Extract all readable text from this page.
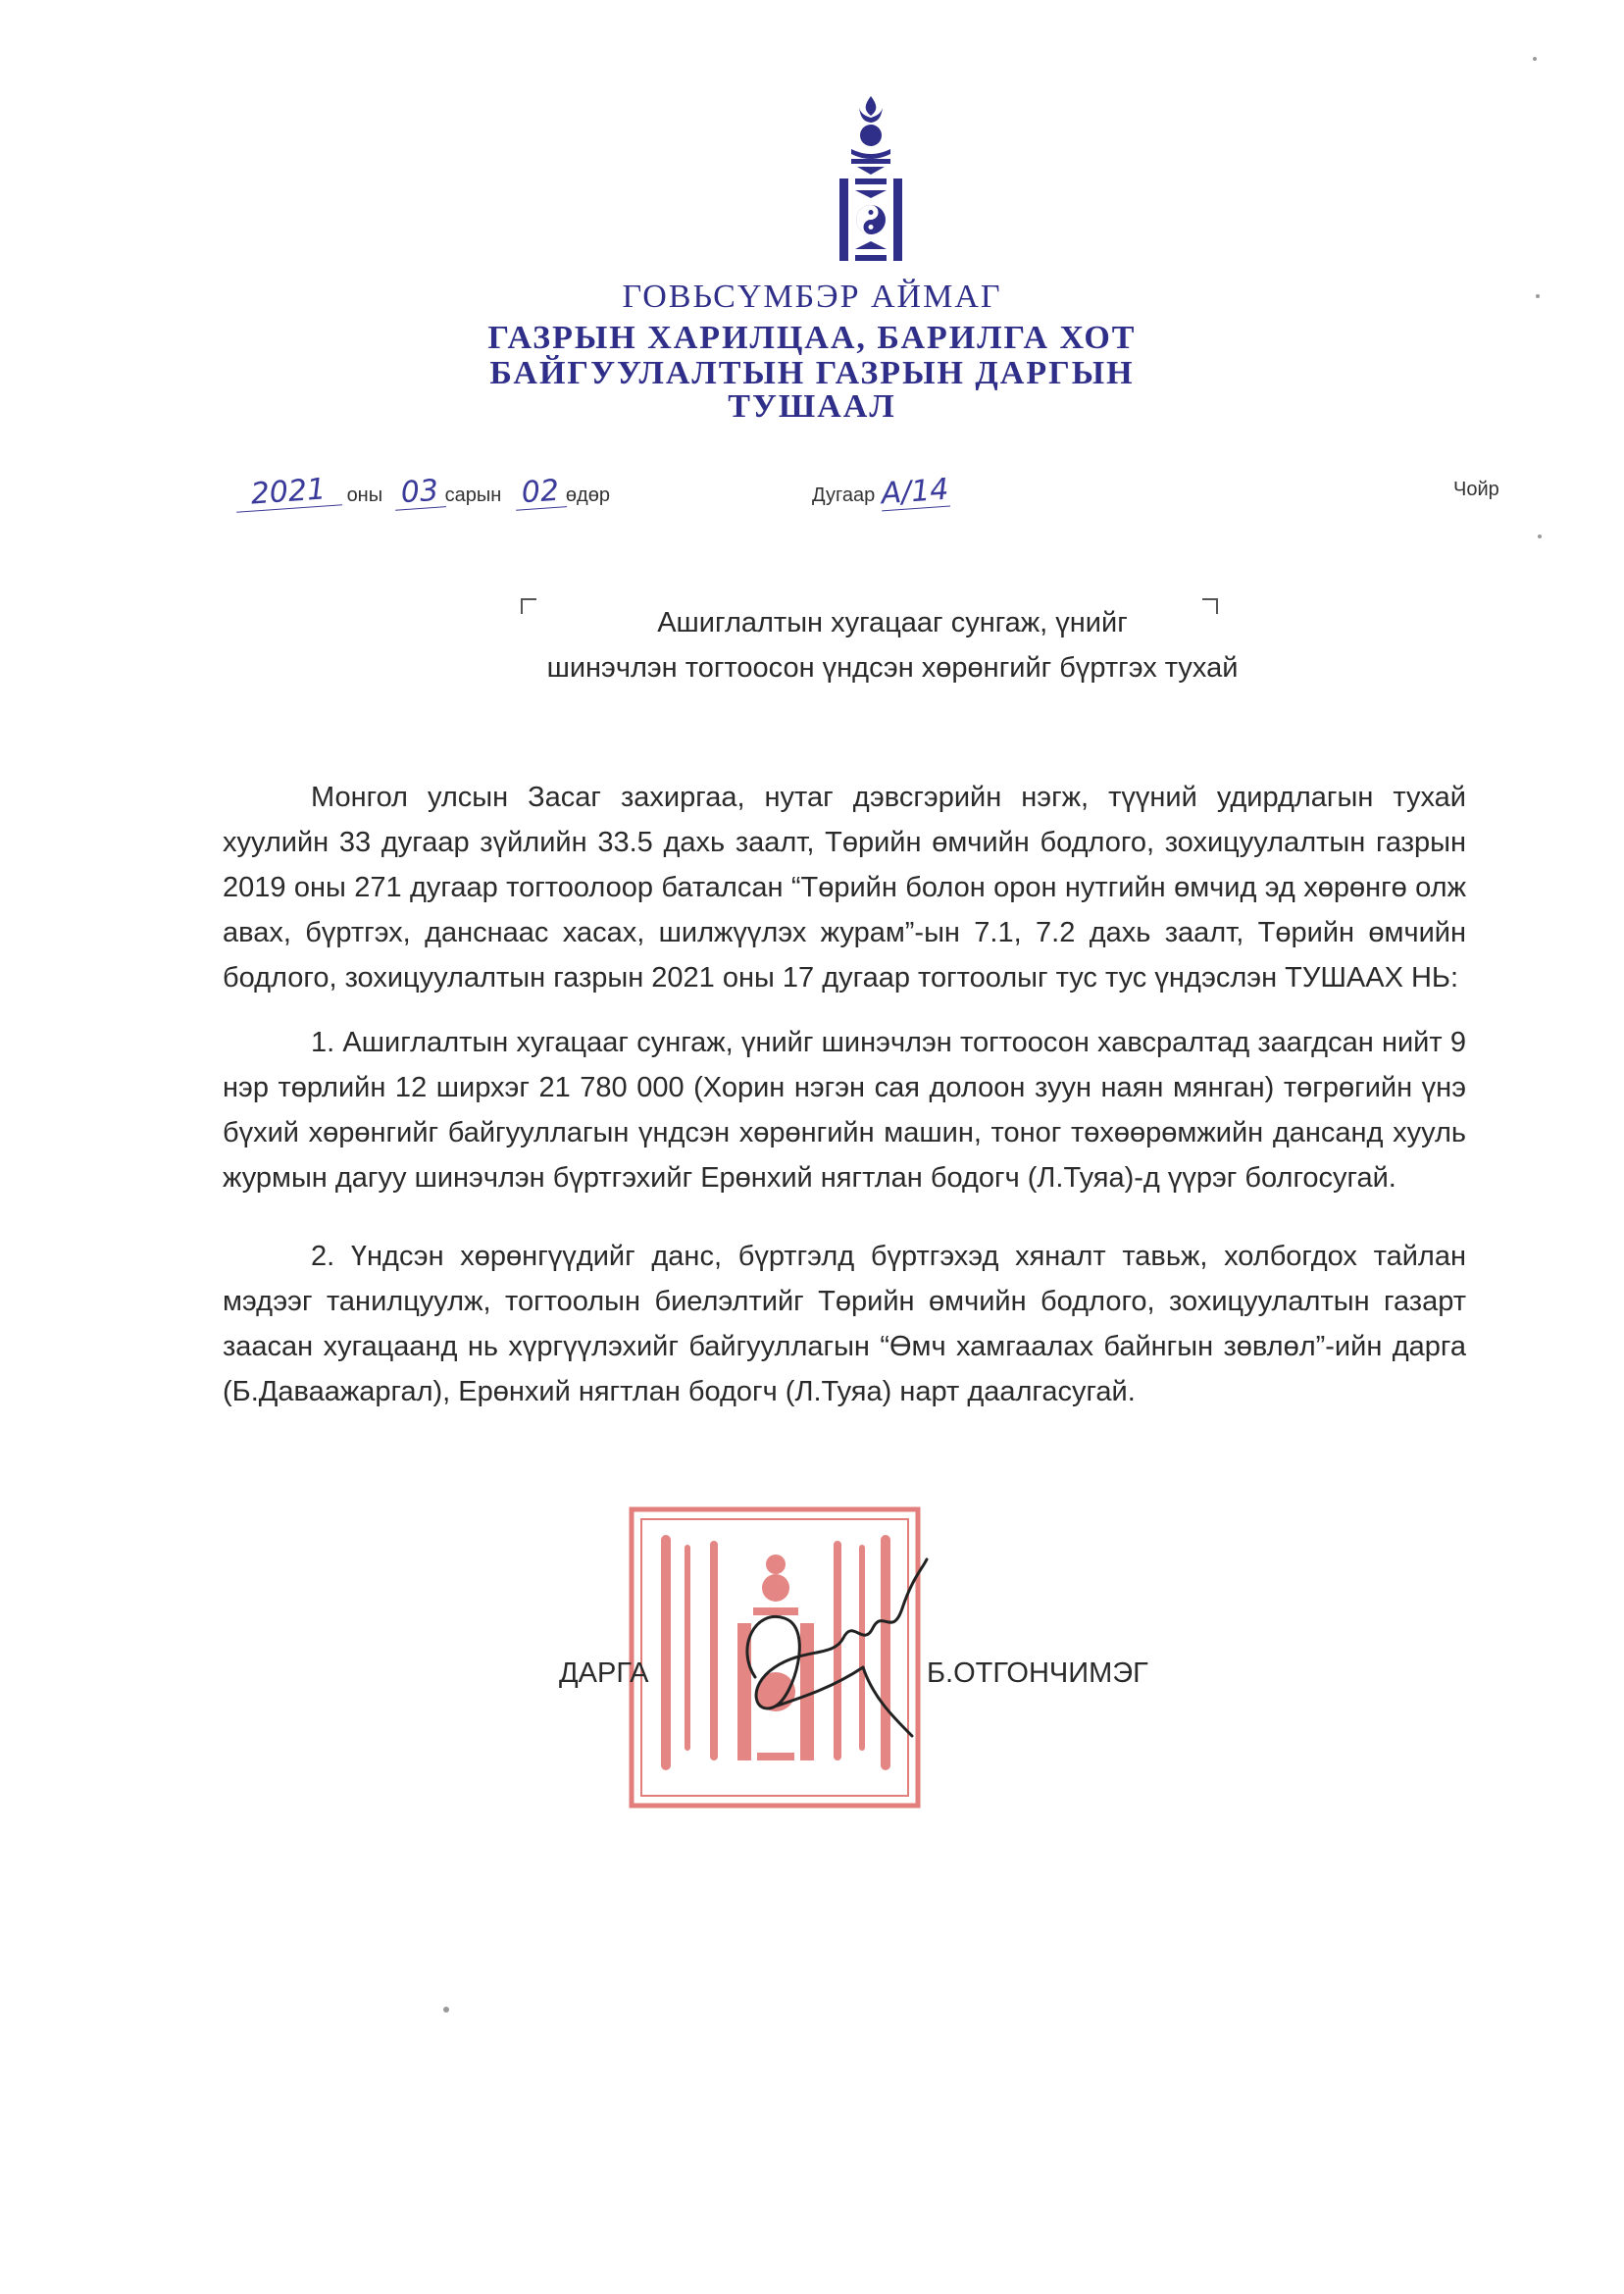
ГОВЬСҮМБЭР АЙМАГ
ГАЗРЫН ХАРИЛЦАА, БАРИЛГА ХОТ
БАЙГУУЛАЛТЫН ГАЗРЫН ДАРГЫН
ТУШААЛ
2021 оны 03 сарын 02 өдөр	Дугаар А/14	Чойр

Ашиглалтын хугацааг сунгаж, үнийг

шинэчлэн тогтоосон үндсэн хөрөнгийг бүртгэх тухай

Монгол улсын Засаг захиргаа, нутаг дэвсгэрийн нэгж, түүний удирдлагын тухай хуулийн 33 дугаар зүйлийн 33.5 дахь заалт, Төрийн өмчийн бодлого, зохицуулалтын газрын 2019 оны 271 дугаар тогтоолоор баталсан “Төрийн болон орон нутгийн өмчид эд хөрөнгө олж авах, бүртгэх, данснаас хасах, шилжүүлэх журам”-ын 7.1, 7.2 дахь заалт, Төрийн өмчийн бодлого, зохицуулалтын газрын 2021 оны 17 дугаар тогтоолыг тус тус үндэслэн ТУШААХ НЬ:

1. Ашиглалтын хугацааг сунгаж, үнийг шинэчлэн тогтоосон хавсралтад заагдсан нийт 9 нэр төрлийн 12 ширхэг 21 780 000 (Хорин нэгэн сая долоон зуун наян мянган) төгрөгийн үнэ бүхий хөрөнгийг байгууллагын үндсэн хөрөнгийн машин, тоног төхөөрөмжийн дансанд хууль журмын дагуу шинэчлэн бүртгэхийг Ерөнхий нягтлан бодогч (Л.Туяа)-д үүрэг болгосугай.

2. Үндсэн хөрөнгүүдийг данс, бүртгэлд бүртгэхэд хяналт тавьж, холбогдох тайлан мэдээг танилцуулж, тогтоолын биелэлтийг Төрийн өмчийн бодлого, зохицуулалтын газарт заасан хугацаанд нь хүргүүлэхийг байгууллагын “Өмч хамгаалах байнгын зөвлөл”-ийн дарга (Б.Даваажаргал), Ерөнхий нягтлан бодогч (Л.Туяа) нарт даалгасугай.

ДАРГА	Б.ОТГОНЧИМЭГ
